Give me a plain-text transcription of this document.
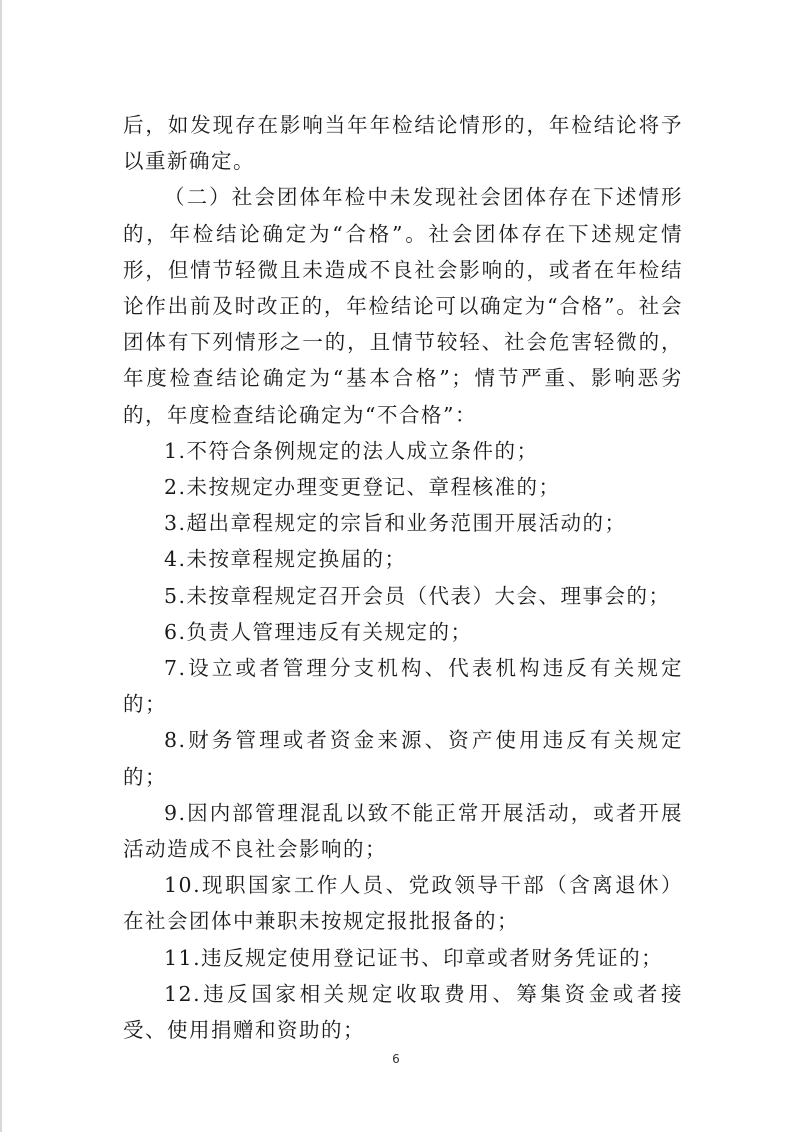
后，如发现存在影响当年年检结论情形的，年检结论将予以重新确定。

（二）社会团体年检中未发现社会团体存在下述情形的，年检结论确定为“合格”。社会团体存在下述规定情形，但情节轻微且未造成不良社会影响的，或者在年检结论作出前及时改正的，年检结论可以确定为“合格”。社会团体有下列情形之一的，且情节较轻、社会危害轻微的，年度检查结论确定为“基本合格”；情节严重、影响恶劣的，年度检查结论确定为“不合格”：

1.不符合条例规定的法人成立条件的；

2.未按规定办理变更登记、章程核准的；

3.超出章程规定的宗旨和业务范围开展活动的；

4.未按章程规定换届的；

5.未按章程规定召开会员（代表）大会、理事会的；

6.负责人管理违反有关规定的；

7.设立或者管理分支机构、代表机构违反有关规定的；

8.财务管理或者资金来源、资产使用违反有关规定的；

9.因内部管理混乱以致不能正常开展活动，或者开展活动造成不良社会影响的；

10.现职国家工作人员、党政领导干部（含离退休）在社会团体中兼职未按规定报批报备的；

11.违反规定使用登记证书、印章或者财务凭证的；

12.违反国家相关规定收取费用、筹集资金或者接受、使用捐赠和资助的；

6
